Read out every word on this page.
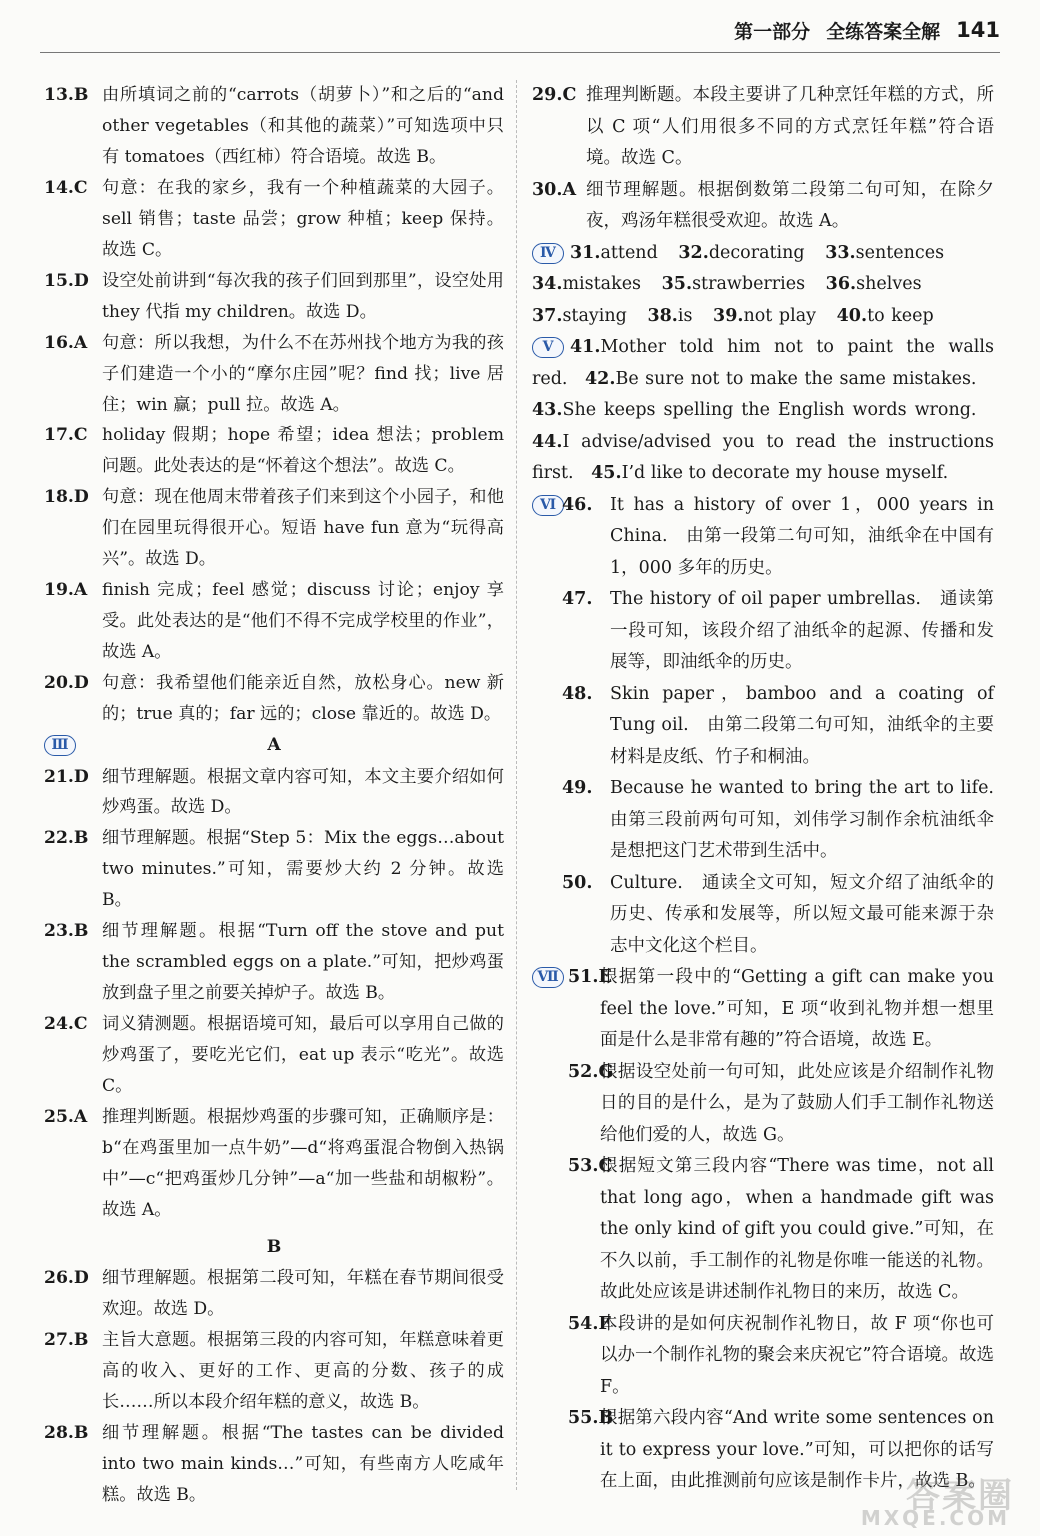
第一部分 全练答案全解 141
13.B 由所填词之前的“carrots（胡萝卜）”和之后的“and other vegetables（和其他的蔬菜）”可知选项中只有 tomatoes（西红柿）符合语境。故选 B。
14.C 句意：在我的家乡，我有一个种植蔬菜的大园子。sell 销售；taste 品尝；grow 种植；keep 保持。故选 C。
15.D 设空处前讲到“每次我的孩子们回到那里”，设空处用 they 代指 my children。故选 D。
16.A 句意：所以我想，为什么不在苏州找个地方为我的孩子们建造一个小的“摩尔庄园”呢？find 找；live 居住；win 赢；pull 拉。故选 A。
17.C holiday 假期；hope 希望；idea 想法；problem 问题。此处表达的是“怀着这个想法”。故选 C。
18.D 句意：现在他周末带着孩子们来到这个小园子，和他们在园里玩得很开心。短语 have fun 意为“玩得高兴”。故选 D。
19.A finish 完成；feel 感觉；discuss 讨论；enjoy 享受。此处表达的是“他们不得不完成学校里的作业”，故选 A。
20.D 句意：我希望他们能亲近自然，放松身心。new 新的；true 真的；far 远的；close 靠近的。故选 D。
Ⅲ	A
21.D 细节理解题。根据文章内容可知，本文主要介绍如何炒鸡蛋。故选 D。
22.B 细节理解题。根据“Step 5：Mix the eggs…about two minutes.”可知，需要炒大约 2 分钟。故选 B。
23.B 细节理解题。根据“Turn off the stove and put the scrambled eggs on a plate.”可知，把炒鸡蛋放到盘子里之前要关掉炉子。故选 B。
24.C 词义猜测题。根据语境可知，最后可以享用自己做的炒鸡蛋了，要吃光它们，eat up 表示“吃光”。故选 C。
25.A 推理判断题。根据炒鸡蛋的步骤可知，正确顺序是：b“在鸡蛋里加一点牛奶”—d“将鸡蛋混合物倒入热锅中”—c“把鸡蛋炒几分钟”—a“加一些盐和胡椒粉”。故选 A。
B
26.D 细节理解题。根据第二段可知，年糕在春节期间很受欢迎。故选 D。
27.B 主旨大意题。根据第三段的内容可知，年糕意味着更高的收入、更好的工作、更高的分数、孩子的成长……所以本段介绍年糕的意义，故选 B。
28.B 细节理解题。根据“The tastes can be divided into two main kinds…”可知，有些南方人吃咸年糕。故选 B。
29.C 推理判断题。本段主要讲了几种烹饪年糕的方式，所以 C 项“人们用很多不同的方式烹饪年糕”符合语境。故选 C。
30.A 细节理解题。根据倒数第二段第二句可知，在除夕夜，鸡汤年糕很受欢迎。故选 A。
Ⅳ 31.attend 32.decorating 33.sentences 34.mistakes 35.strawberries 36.shelves 37.staying 38.is 39.not play 40.to keep
Ⅴ 41.Mother told him not to paint the walls red.  42.Be sure not to make the same mistakes. 43.She keeps spelling the English words wrong. 44.I advise/advised you to read the instructions first.  45.I’d like to decorate my house myself. 
Ⅵ 46. It has a history of over 1，000 years in China.　由第一段第二句可知，油纸伞在中国有 1，000 多年的历史。
47. The history of oil paper umbrellas.　通读第一段可知，该段介绍了油纸伞的起源、传播和发展等，即油纸伞的历史。
48. Skin paper，bamboo and a coating of Tung oil.　由第二段第二句可知，油纸伞的主要材料是皮纸、竹子和桐油。
49. Because he wanted to bring the art to life.　由第三段前两句可知，刘伟学习制作余杭油纸伞是想把这门艺术带到生活中。
50. Culture.　通读全文可知，短文介绍了油纸伞的历史、传承和发展等，所以短文最可能来源于杂志中文化这个栏目。
Ⅶ 51.E
根据第一段中的“Getting a gift can make you feel the love.”可知，E 项“收到礼物并想一想里面是什么是非常有趣的”符合语境，故选 E。
52.G
根据设空处前一句可知，此处应该是介绍制作礼物日的目的是什么，是为了鼓励人们手工制作礼物送给他们爱的人，故选 G。
53.C
根据短文第三段内容“There was time，not all that long ago，when a handmade gift was the only kind of gift you could give.”可知，在不久以前，手工制作的礼物是你唯一能送的礼物。故此处应该是讲述制作礼物日的来历，故选 C。
54.F
本段讲的是如何庆祝制作礼物日，故 F 项“你也可以办一个制作礼物的聚会来庆祝它”符合语境。故选 F。
55.B
根据第六段内容“And write some sentences on it to express your love.”可知，可以把你的话写在上面，由此推测前句应该是制作卡片，故选 B。
答案圈
MXQE.COM
